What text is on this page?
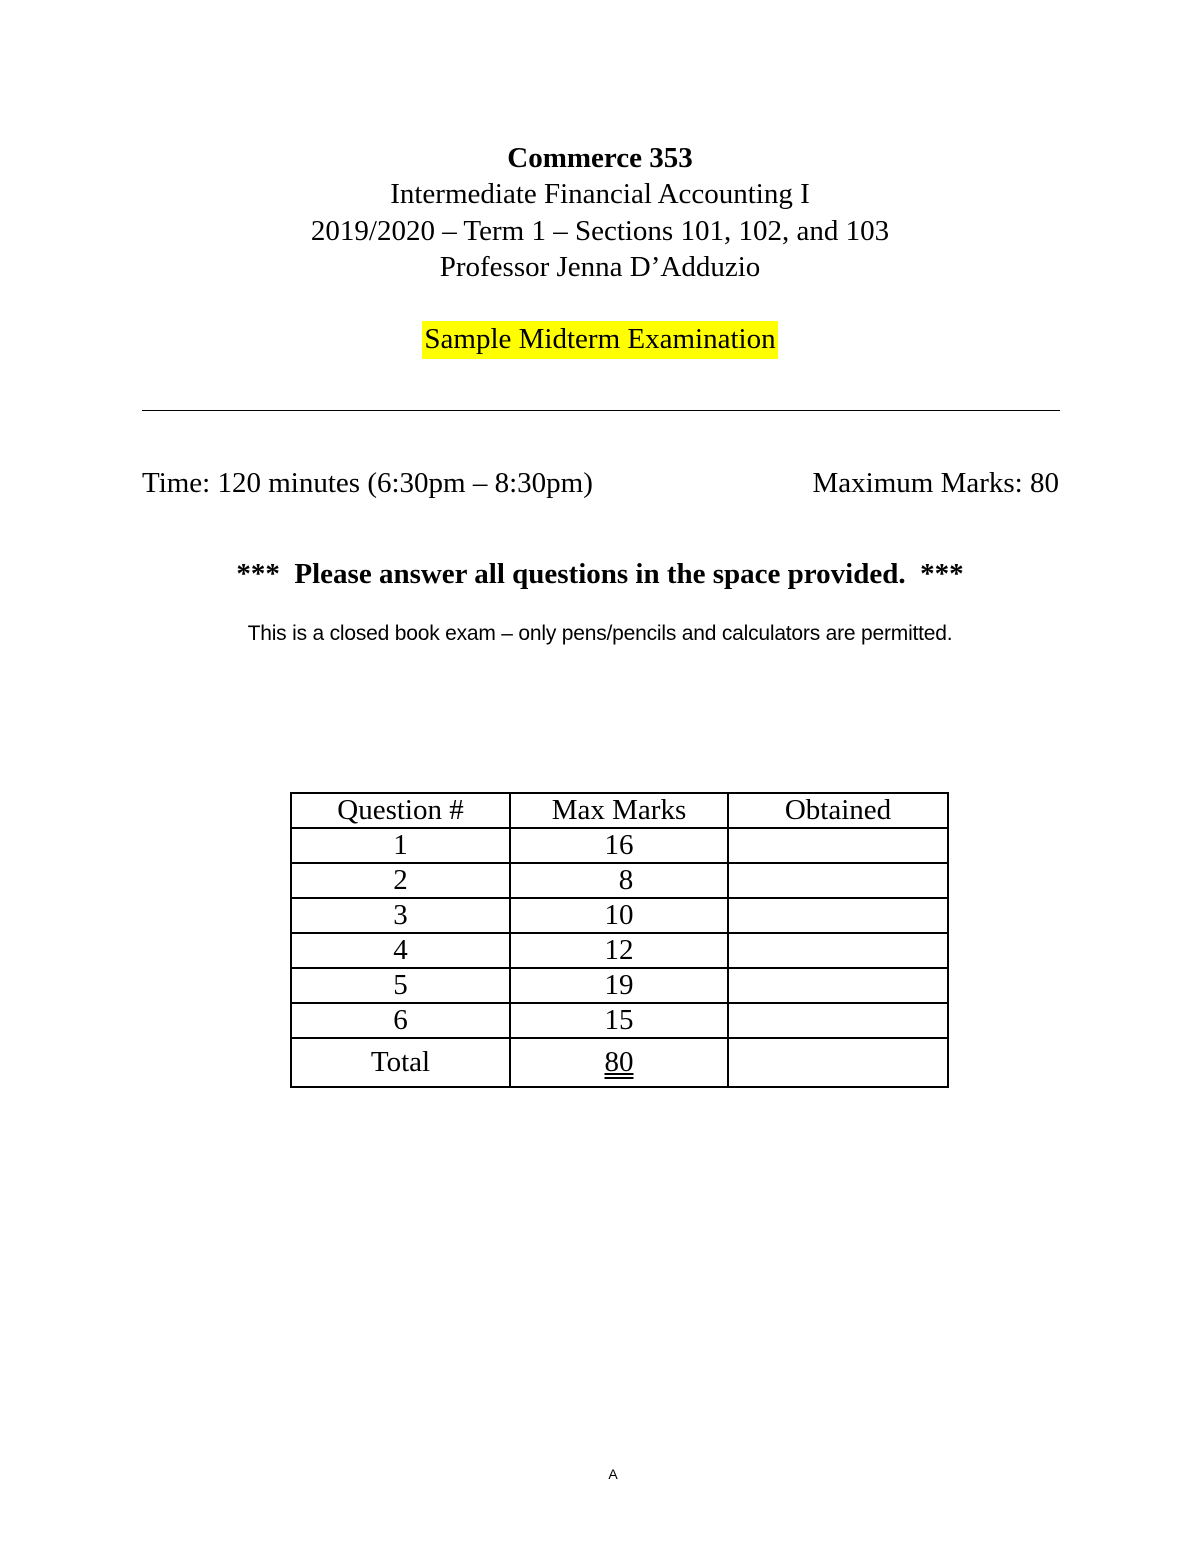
Commerce 353
Intermediate Financial Accounting I
2019/2020 – Term 1 – Sections 101, 102, and 103
Professor Jenna D’Adduzio
Sample Midterm Examination
Time: 120 minutes (6:30pm – 8:30pm)	Maximum Marks: 80
*** Please answer all questions in the space provided. ***
This is a closed book exam – only pens/pencils and calculators are permitted.
Question #	Max Marks	Obtained
1	16	
2	8	
3	10	
4	12	
5	19	
6	15	
Total	80	
A
